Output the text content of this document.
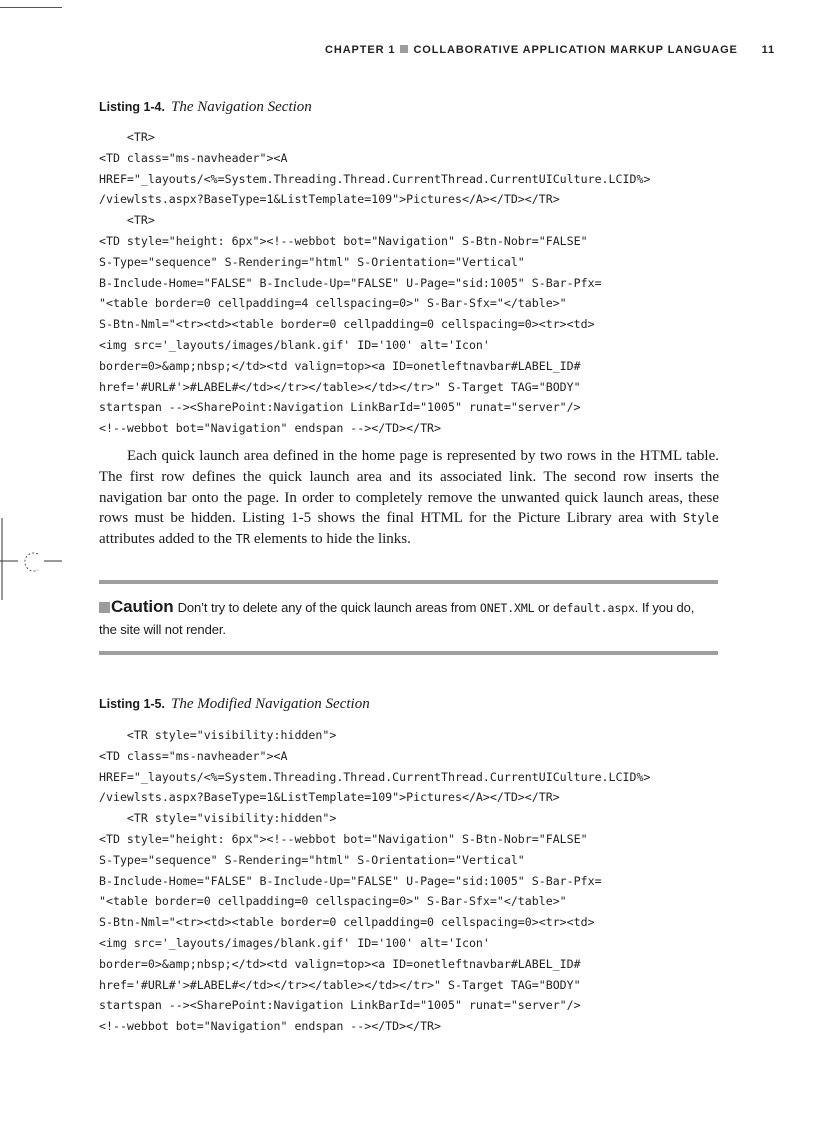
CHAPTER 1 COLLABORATIVE APPLICATION MARKUP LANGUAGE 11
Listing 1-4. The Navigation Section
<TR>
<TD class="ms-navheader"><A
HREF="_layouts/<%=System.Threading.Thread.CurrentThread.CurrentUICulture.LCID%>
/viewlsts.aspx?BaseType=1&ListTemplate=109">Pictures</A></TD></TR>
<TR>
<TD style="height: 6px"><!--webbot bot="Navigation" S-Btn-Nobr="FALSE"
S-Type="sequence" S-Rendering="html" S-Orientation="Vertical"
B-Include-Home="FALSE" B-Include-Up="FALSE" U-Page="sid:1005" S-Bar-Pfx=
"<table border=0 cellpadding=4 cellspacing=0>" S-Bar-Sfx="</table>"
S-Btn-Nml="<tr><td><table border=0 cellpadding=0 cellspacing=0><tr><td>
<img src='_layouts/images/blank.gif' ID='100' alt='Icon'
border=0>&amp;nbsp;</td><td valign=top><a ID=onetleftnavbar#LABEL_ID#
href='#URL#'>#LABEL#</td></tr></table></td></tr>" S-Target TAG="BODY"
startspan --><SharePoint:Navigation LinkBarId="1005" runat="server"/>
<!--webbot bot="Navigation" endspan --></TD></TR>

Each quick launch area defined in the home page is represented by two rows in the HTML table. The first row defines the quick launch area and its associated link. The second row inserts the navigation bar onto the page. In order to completely remove the unwanted quick launch areas, these rows must be hidden. Listing 1-5 shows the final HTML for the Picture Library area with Style attributes added to the TR elements to hide the links.

Caution Don’t try to delete any of the quick launch areas from ONET.XML or default.aspx. If you do, the site will not render.

Listing 1-5. The Modified Navigation Section
<TR style="visibility:hidden">
<TD class="ms-navheader"><A
HREF="_layouts/<%=System.Threading.Thread.CurrentThread.CurrentUICulture.LCID%>
/viewlsts.aspx?BaseType=1&ListTemplate=109">Pictures</A></TD></TR>
<TR style="visibility:hidden">
<TD style="height: 6px"><!--webbot bot="Navigation" S-Btn-Nobr="FALSE"
S-Type="sequence" S-Rendering="html" S-Orientation="Vertical"
B-Include-Home="FALSE" B-Include-Up="FALSE" U-Page="sid:1005" S-Bar-Pfx=
"<table border=0 cellpadding=0 cellspacing=0>" S-Bar-Sfx="</table>"
S-Btn-Nml="<tr><td><table border=0 cellpadding=0 cellspacing=0><tr><td>
<img src='_layouts/images/blank.gif' ID='100' alt='Icon'
border=0>&amp;nbsp;</td><td valign=top><a ID=onetleftnavbar#LABEL_ID#
href='#URL#'>#LABEL#</td></tr></table></td></tr>" S-Target TAG="BODY"
startspan --><SharePoint:Navigation LinkBarId="1005" runat="server"/>
<!--webbot bot="Navigation" endspan --></TD></TR>
